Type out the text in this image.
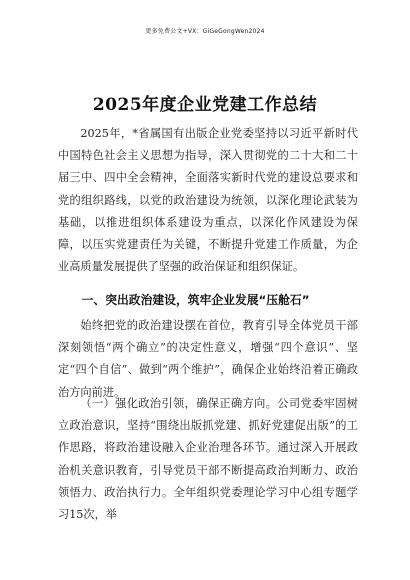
更多免费公文+VX：GiGeGongWen2024
2025年度企业党建工作总结

2025年，*省属国有出版企业党委坚持以习近平新时代中国特色社会主义思想为指导，深入贯彻党的二十大和二十届三中、四中全会精神，全面落实新时代党的建设总要求和党的组织路线，以党的政治建设为统领，以深化理论武装为基础，以推进组织体系建设为重点，以深化作风建设为保障，以压实党建责任为关键，不断提升党建工作质量，为企业高质量发展提供了坚强的政治保证和组织保证。

一、突出政治建设，筑牢企业发展“压舱石”

始终把党的政治建设摆在首位，教育引导全体党员干部深刻领悟“两个确立”的决定性意义，增强“四个意识”、坚定“四个自信”、做到“两个维护”，确保企业始终沿着正确政治方向前进。

（一）强化政治引领，确保正确方向。公司党委牢固树立政治意识，坚持“围绕出版抓党建、抓好党建促出版”的工作思路，将政治建设融入企业治理各环节。通过深入开展政治机关意识教育，引导党员干部不断提高政治判断力、政治领悟力、政治执行力。全年组织党委理论学习中心组专题学习15次，举
